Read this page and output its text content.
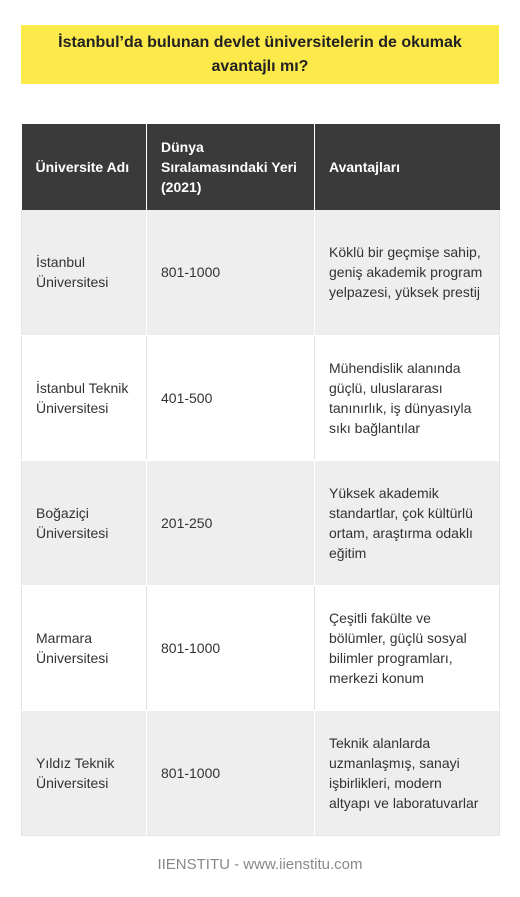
İstanbul’da bulunan devlet üniversitelerin de okumak avantajlı mı?
Üniversite Adı	Dünya Sıralamasındaki Yeri (2021)	Avantajları
İstanbul Üniversitesi	801-1000	Köklü bir geçmişe sahip, geniş akademik program yelpazesi, yüksek prestij
İstanbul Teknik Üniversitesi	401-500	Mühendislik alanında güçlü, uluslararası tanınırlık, iş dünyasıyla sıkı bağlantılar
Boğaziçi Üniversitesi	201-250	Yüksek akademik standartlar, çok kültürlü ortam, araştırma odaklı eğitim
Marmara Üniversitesi	801-1000	Çeşitli fakülte ve bölümler, güçlü sosyal bilimler programları, merkezi konum
Yıldız Teknik Üniversitesi	801-1000	Teknik alanlarda uzmanlaşmış, sanayi işbirlikleri, modern altyapı ve laboratuvarlar
IIENSTITU - www.iienstitu.com
